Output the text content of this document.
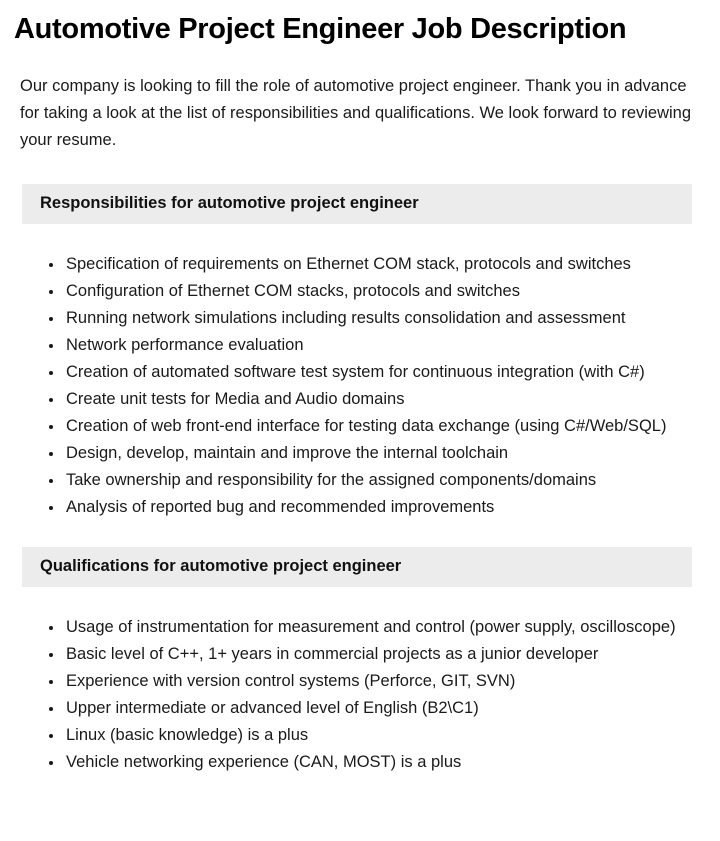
Automotive Project Engineer Job Description

Our company is looking to fill the role of automotive project engineer. Thank you in advance for taking a look at the list of responsibilities and qualifications. We look forward to reviewing your resume.

Responsibilities for automotive project engineer
• Specification of requirements on Ethernet COM stack, protocols and switches
• Configuration of Ethernet COM stacks, protocols and switches
• Running network simulations including results consolidation and assessment
• Network performance evaluation
• Creation of automated software test system for continuous integration (with C#)
• Create unit tests for Media and Audio domains
• Creation of web front-end interface for testing data exchange (using C#/Web/SQL)
• Design, develop, maintain and improve the internal toolchain
• Take ownership and responsibility for the assigned components/domains
• Analysis of reported bug and recommended improvements
Qualifications for automotive project engineer
• Usage of instrumentation for measurement and control (power supply, oscilloscope)
• Basic level of C++, 1+ years in commercial projects as a junior developer
• Experience with version control systems (Perforce, GIT, SVN)
• Upper intermediate or advanced level of English (B2\C1)
• Linux (basic knowledge) is a plus
• Vehicle networking experience (CAN, MOST) is a plus
